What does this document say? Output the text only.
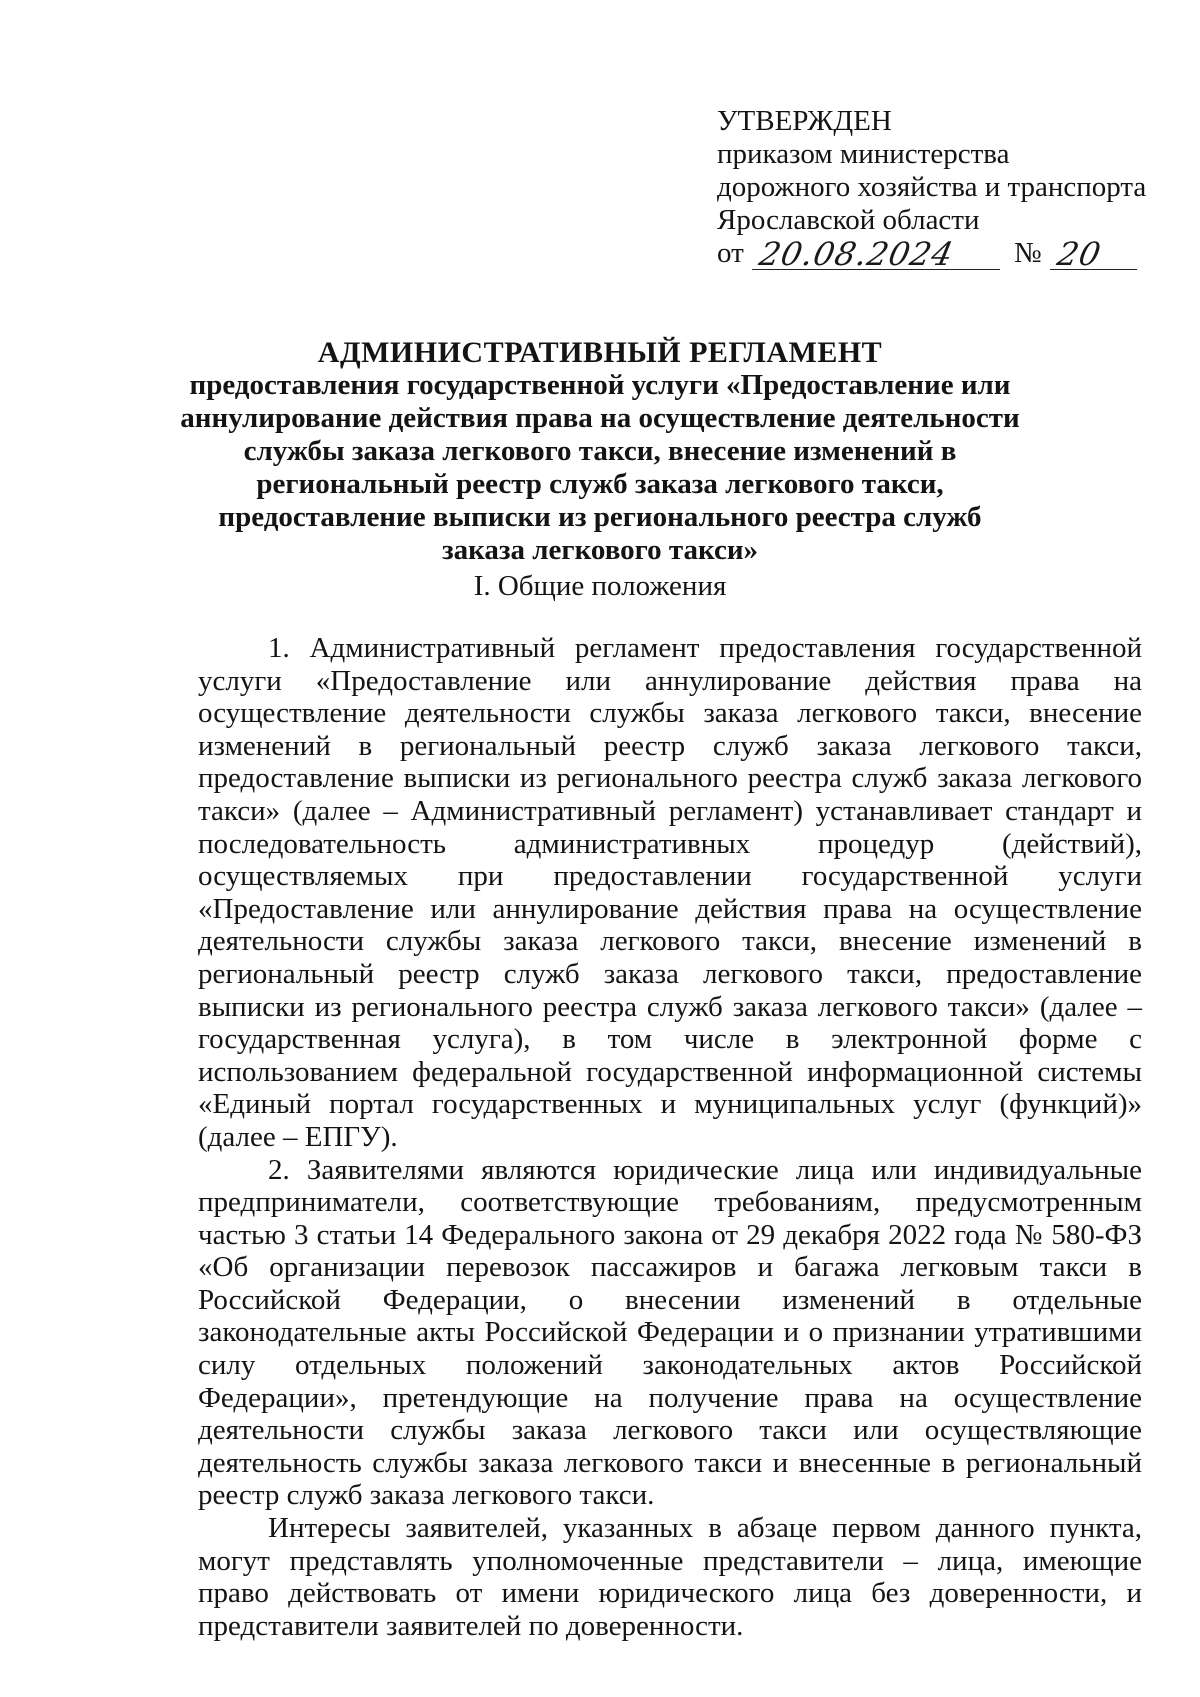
УТВЕРЖДЕН
приказом министерства
дорожного хозяйства и транспорта
Ярославской области
от 20.08.2024 № 20
АДМИНИСТРАТИВНЫЙ РЕГЛАМЕНТ
предоставления государственной услуги «Предоставление или аннулирование действия права на осуществление деятельности службы заказа легкового такси, внесение изменений в региональный реестр служб заказа легкового такси, предоставление выписки из регионального реестра служб заказа легкового такси»
I. Общие положения

1. Административный регламент предоставления государственной услуги «Предоставление или аннулирование действия права на осуществление деятельности службы заказа легкового такси, внесение изменений в региональный реестр служб заказа легкового такси, предоставление выписки из регионального реестра служб заказа легкового такси» (далее – Административный регламент) устанавливает стандарт и последовательность административных процедур (действий), осуществляемых при предоставлении государственной услуги «Предоставление или аннулирование действия права на осуществление деятельности службы заказа легкового такси, внесение изменений в региональный реестр служб заказа легкового такси, предоставление выписки из регионального реестра служб заказа легкового такси» (далее – государственная услуга), в том числе в электронной форме с использованием федеральной государственной информационной системы «Единый портал государственных и муниципальных услуг (функций)» (далее – ЕПГУ).

2. Заявителями являются юридические лица или индивидуальные предприниматели, соответствующие требованиям, предусмотренным частью 3 статьи 14 Федерального закона от 29 декабря 2022 года № 580-ФЗ «Об организации перевозок пассажиров и багажа легковым такси в Российской Федерации, о внесении изменений в отдельные законодательные акты Российской Федерации и о признании утратившими силу отдельных положений законодательных актов Российской Федерации», претендующие на получение права на осуществление деятельности службы заказа легкового такси или осуществляющие деятельность службы заказа легкового такси и внесенные в региональный реестр служб заказа легкового такси.

Интересы заявителей, указанных в абзаце первом данного пункта, могут представлять уполномоченные представители – лица, имеющие право действовать от имени юридического лица без доверенности, и представители заявителей по доверенности.
